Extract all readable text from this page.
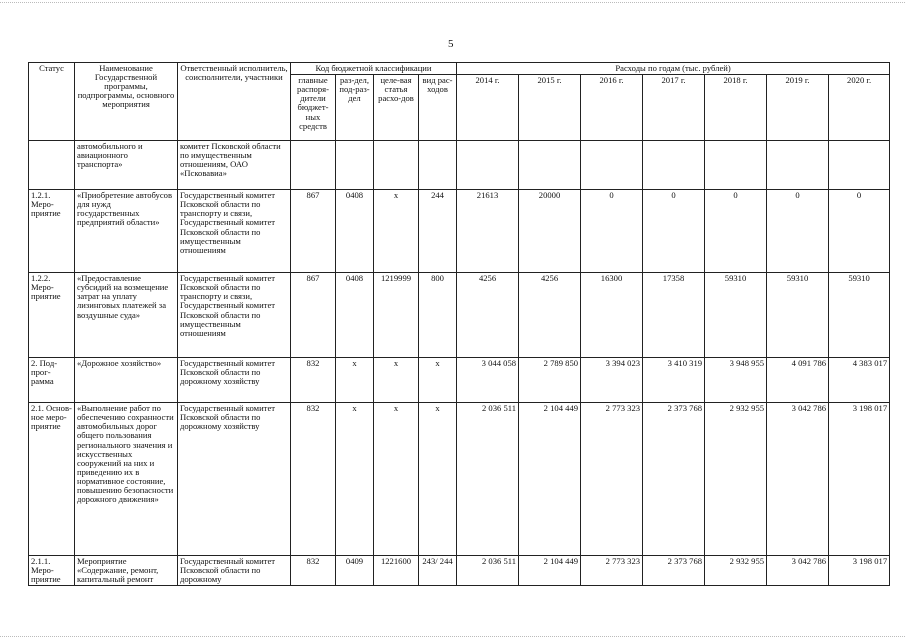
5
Статус	Наименование Государственной программы, подпрограммы, основного мероприятия	Ответственный исполнитель, соисполнители, участники	Код бюджетной классификации				Расходы по годам (тыс. рублей)						
			главные распоря-дители бюджет-ных средств	раз-дел, под-раз-дел	целе-вая статья расхо-дов	вид рас-ходов	2014 г.	2015 г.	2016 г.	2017 г.	2018 г.	2019 г.	2020 г.
	автомобильного и авиационного транспорта»	комитет Псковской области по имущественным отношениям, ОАО «Псковавиа»											
1.2.1. Меро-приятие	«Приобретение автобусов для нужд государственных предприятий области»	Государственный комитет Псковской области по транспорту и связи, Государственный комитет Псковской области по имущественным отношениям	867	0408	х	244	21613	20000	0	0	0	0	0
1.2.2. Меро-приятие	«Предоставление субсидий на возмещение затрат на уплату лизинговых платежей за воздушные суда»	Государственный комитет Псковской области по транспорту и связи, Государственный комитет Псковской области по имущественным отношениям	867	0408	1219999	800	4256	4256	16300	17358	59310	59310	59310
2. Под-прог-рамма	«Дорожное хозяйство»	Государственный комитет Псковской области по дорожному хозяйству	832	х	х	х	3 044 058	2 789 850	3 394 023	3 410 319	3 948 955	4 091 786	4 383 017
2.1. Основ-ное меро-приятие	«Выполнение работ по обеспечению сохранности автомобильных дорог общего пользования регионального значения и искусственных сооружений на них и приведению их в нормативное состояние, повышению безопасности дорожного движения»	Государственный комитет Псковской области по дорожному хозяйству	832	х	х	х	2 036 511	2 104 449	2 773 323	2 373 768	2 932 955	3 042 786	3 198 017
2.1.1. Меро-приятие	Мероприятие «Содержание, ремонт, капитальный ремонт	Государственный комитет Псковской области по дорожному	832	0409	1221600	243/ 244	2 036 511	2 104 449	2 773 323	2 373 768	2 932 955	3 042 786	3 198 017
